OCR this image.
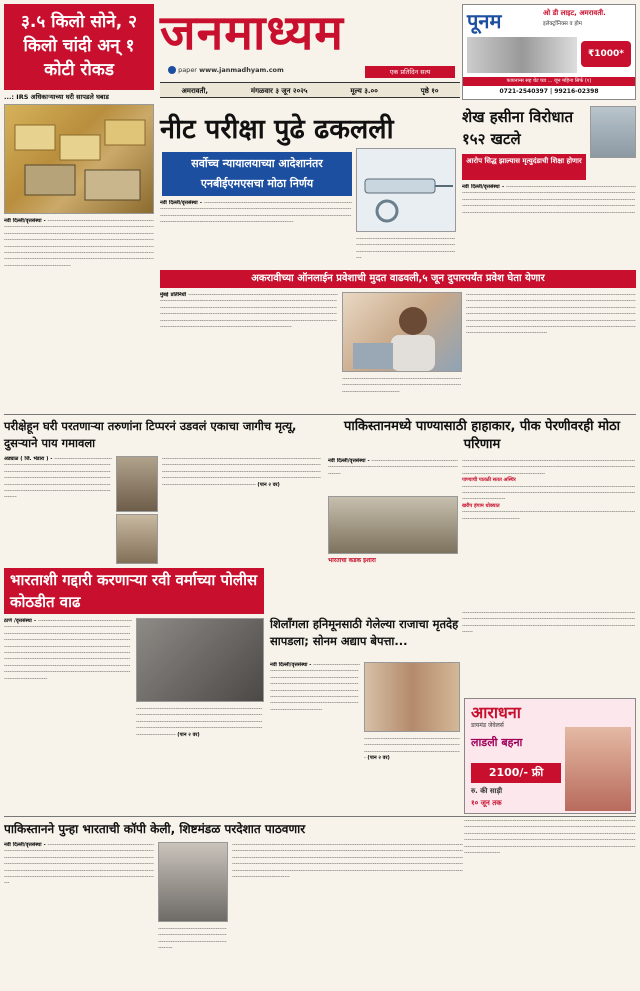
३.५ किलो सोने, २ किलो चांदी अन् १ कोटी रोकड
...: IRS अधिकाऱ्याच्या घरी सापडले घबाड
नवी दिल्ली/वृत्तसंस्था - ------------------------------------------------------------------------------------------------------------------------------------------------------------------------------------------------------------------------------------------------------------------------------------------------------------------------------------------------------------------------------------------------------------------------------------------------------------------------------------------------------------------------------------------------------------------------------------------------------------------
जनमाध्यम
paper www.janmadhyam.com	एक प्रतिदिन सत्य
अमरावती,	मंगळवार ३ जून २०२५	मूल्य ३.००	पृष्ठे १०
पूनम	ओ डी लाइट, अमरावती.
इलेक्ट्रॉनिक्स व होम
₹1000*
फायनान्स सह थेट घ्या ... जून महिना सिर्फ (१)
0721-2540397 | 99216-02398
नीट परीक्षा पुढे ढकलली
सर्वोच्च न्यायालयाच्या आदेशानंतर एनबीईएमएसचा मोठा निर्णय
नवी दिल्ली/वृत्तसंस्था - --------------------------------------------------------------------------------------------------------------------------------------------------------------------------------------------------------------------------------------------------------------------------------------------------------------------------------------------------------------------------------
------------------------------------------------------------------------------------------------------------------------------------------------------------------------
शेख हसीना विरोधात १५२ खटले
आरोप सिद्ध झाल्यास मृत्युदंडाची शिक्षा होणार
नवी दिल्ली/वृत्तसंस्था - ------------------------------------------------------------------------------------------------------------------------------------------------------------------------------------------------------------------------------------------------------------------------------------------------------------------------------------------------------------------------------------------------------------------------------------------------------------------------
अकरावीच्या ऑनलाईन प्रवेशाची मुदत वाढवली,५ जून दुपारपर्यंत प्रवेश घेता येणार
मुंबई प्रतिनिधी --------------------------------------------------------------------------------------------------------------------------------------------------------------------------------------------------------------------------------------------------------------------------------------------------------------------------------------------------------------------------------------------------------------------------------------------------------------------------------------------------------------------------------------------------------------------
--------------------------------------------------------------------------------------------------------------------------------------------------------------------
---------------------------------------------------------------------------------------------------------------------------------------------------------------------------------------------------------------------------------------------------------------------------------------------------------------------------------------------------------------------------------------------------------------------------------------------------------------------------------------------------------------------------------------------------------------------------------------------------------------------------------
परीक्षेहून घरी परतणाऱ्या तरुणांना टिप्परनं उडवलं एकाचा जागीच मृत्यू, दुसऱ्याने पाय गमावला
अड्याळ ( जि. भंडारा ) - ----------------------------------------------------------------------------------------------------------------------------------------------------------------------------------------------------------------------------------------------------------------------------------------------------------------------------------------------
-------------------------------------------------------------------------------------------------------------------------------------------------------------------------------------------------------------------------------------------------------------------------------------------------------------------------------------------------------------------------------------------------------------------- (पान २ वर)
पाकिस्तानमध्ये पाण्यासाठी हाहाकार, पीक पेरणीवरही मोठा परिणाम
नवी दिल्ली/वृत्तसंस्था - -------------------------------------------------------------------------------------------------------------------------------
भारताचा कडक इशारा
----------------------------------------------------------------------------------------------------------------------------------------------------------------------------------------------------------------------------------------------
पाण्याची पातळी सतत अस्थिर
------------------------------------------------------------------------------------------------------------------------------------------------------------------------------------------------------------------------
खरीप हंगाम धोक्यात
--------------------------------------------------------------------------------------------------------------------------------
------------------------------------------------------------------------------------------------------------------------------------------------------------------------------------------------------------------------------------------------------------------------------------------------------
भारताशी गद्दारी करणाऱ्या रवी वर्माच्या पोलीस कोठडीत वाढ
ठाणे /वृत्तसंस्था - ------------------------------------------------------------------------------------------------------------------------------------------------------------------------------------------------------------------------------------------------------------------------------------------------------------------------------------------------------------------------------------------------------------------------------------------------------------------------------------------------------------------------------------------------------------------------------------------------------------------------------------------------------------
-------------------------------------------------------------------------------------------------------------------------------------------------------------------------------------------------------------------------------------------------------------------------------------------------------------- (पान २ वर)
शिलाँगला हनिमूनसाठी गेलेल्या राजाचा मृतदेह सापडला; सोनम अद्याप बेपत्ता...
नवी दिल्ली/वृत्तसंस्था - -------------------------------------------------------------------------------------------------------------------------------------------------------------------------------------------------------------------------------------------------------------------------------------------------------------------------------------------------------------
---------------------------------------------------------------------------------------------------------------------------------------------------------------- (पान २ वर)
आराधना
डायमंड जेवेलर्स
लाडली बहना
2100/- फ्री
रु. की साड़ी
१० जून तक
पाकिस्तानने पुन्हा भारताची कॉपी केली, शिष्टमंडळ परदेशात पाठवणार
नवी दिल्ली/वृत्तसंस्था - ---------------------------------------------------------------------------------------------------------------------------------------------------------------------------------------------------------------------------------------------------------------------------------------------------------------------------------------------------------------------------------------------------------------------------------------------------------------------------------------------
--------------------------------------------------------------------------------------------------------------------------
------------------------------------------------------------------------------------------------------------------------------------------------------------------------------------------------------------------------------------------------------------------------------------------------------------------------------------------------------------------------------------------------------------------------------------------------------------------------------------------------------------------------------------------------------------------------------------------------------------------------------------------------------------------------------------------------
---------------------------------------------------------------------------------------------------------------------------------------------------------------------------------------------------------------------------------------------------------------------------------------------------------------------------------------------------------------------------------------------------------------------------------------------------------------------------------------------------------------
